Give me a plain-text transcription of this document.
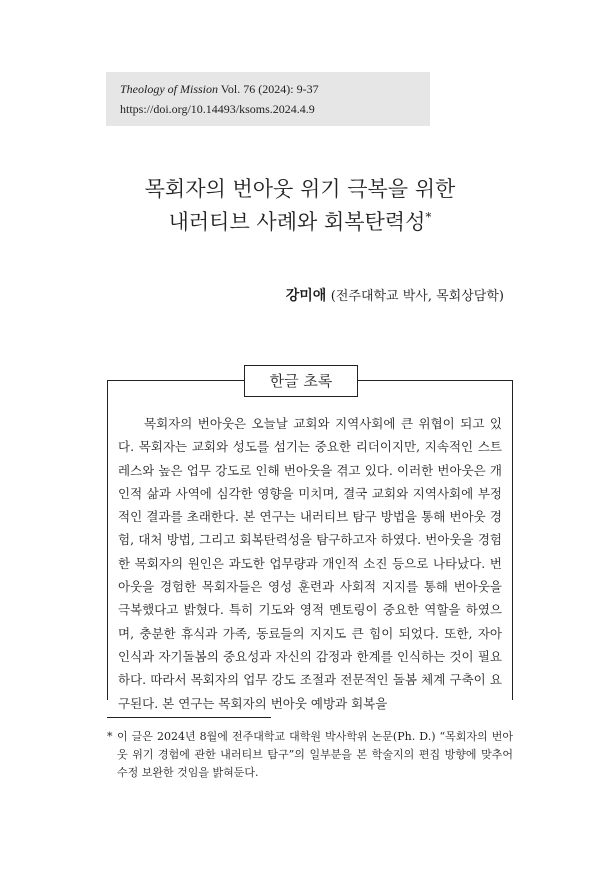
Theology of Mission Vol. 76 (2024): 9-37
https://doi.org/10.14493/ksoms.2024.4.9
목회자의 번아웃 위기 극복을 위한
내러티브 사례와 회복탄력성*
강미애 (전주대학교 박사, 목회상담학)
한글 초록

목회자의 번아웃은 오늘날 교회와 지역사회에 큰 위협이 되고 있다. 목회자는 교회와 성도를 섬기는 중요한 리더이지만, 지속적인 스트레스와 높은 업무 강도로 인해 번아웃을 겪고 있다. 이러한 번아웃은 개인적 삶과 사역에 심각한 영향을 미치며, 결국 교회와 지역사회에 부정적인 결과를 초래한다. 본 연구는 내러티브 탐구 방법을 통해 번아웃 경험, 대처 방법, 그리고 회복탄력성을 탐구하고자 하였다. 번아웃을 경험한 목회자의 원인은 과도한 업무량과 개인적 소진 등으로 나타났다. 번아웃을 경험한 목회자들은 영성 훈련과 사회적 지지를 통해 번아웃을 극복했다고 밝혔다. 특히 기도와 영적 멘토링이 중요한 역할을 하였으며, 충분한 휴식과 가족, 동료들의 지지도 큰 힘이 되었다. 또한, 자아 인식과 자기돌봄의 중요성과 자신의 감정과 한계를 인식하는 것이 필요하다. 따라서 목회자의 업무 강도 조절과 전문적인 돌봄 체계 구축이 요구된다. 본 연구는 목회자의 번아웃 예방과 회복을

* 이 글은 2024년 8월에 전주대학교 대학원 박사학위 논문(Ph. D.) “목회자의 번아웃 위기 경험에 관한 내러티브 탐구”의 일부분을 본 학술지의 편집 방향에 맞추어 수정 보완한 것임을 밝혀둔다.
